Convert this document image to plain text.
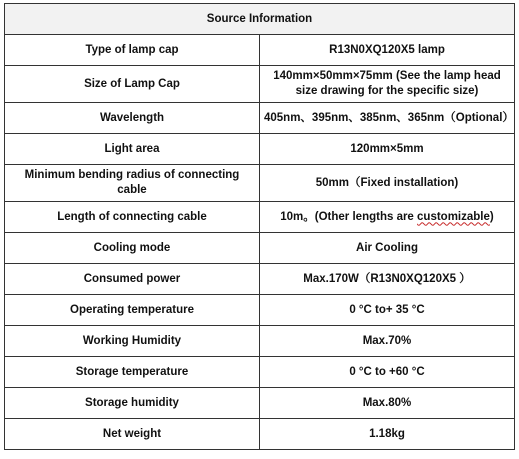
Source Information	
Type of lamp cap	R13N0XQ120X5 lamp
Size of Lamp Cap	140mm×50mm×75mm (See the lamp head size drawing for the specific size)
Wavelength	405nm、395nm、385nm、365nm（Optional）
Light area	120mm×5mm
Minimum bending radius of connecting cable	50mm（Fixed installation)
Length of connecting cable	10m。(Other lengths are customizable)
Cooling mode	Air Cooling
Consumed power	Max.170W（R13N0XQ120X5 ）
Operating temperature	0 °C to+ 35 °C
Working Humidity	Max.70%
Storage temperature	0 °C to +60 °C
Storage humidity	Max.80%
Net weight	1.18kg
